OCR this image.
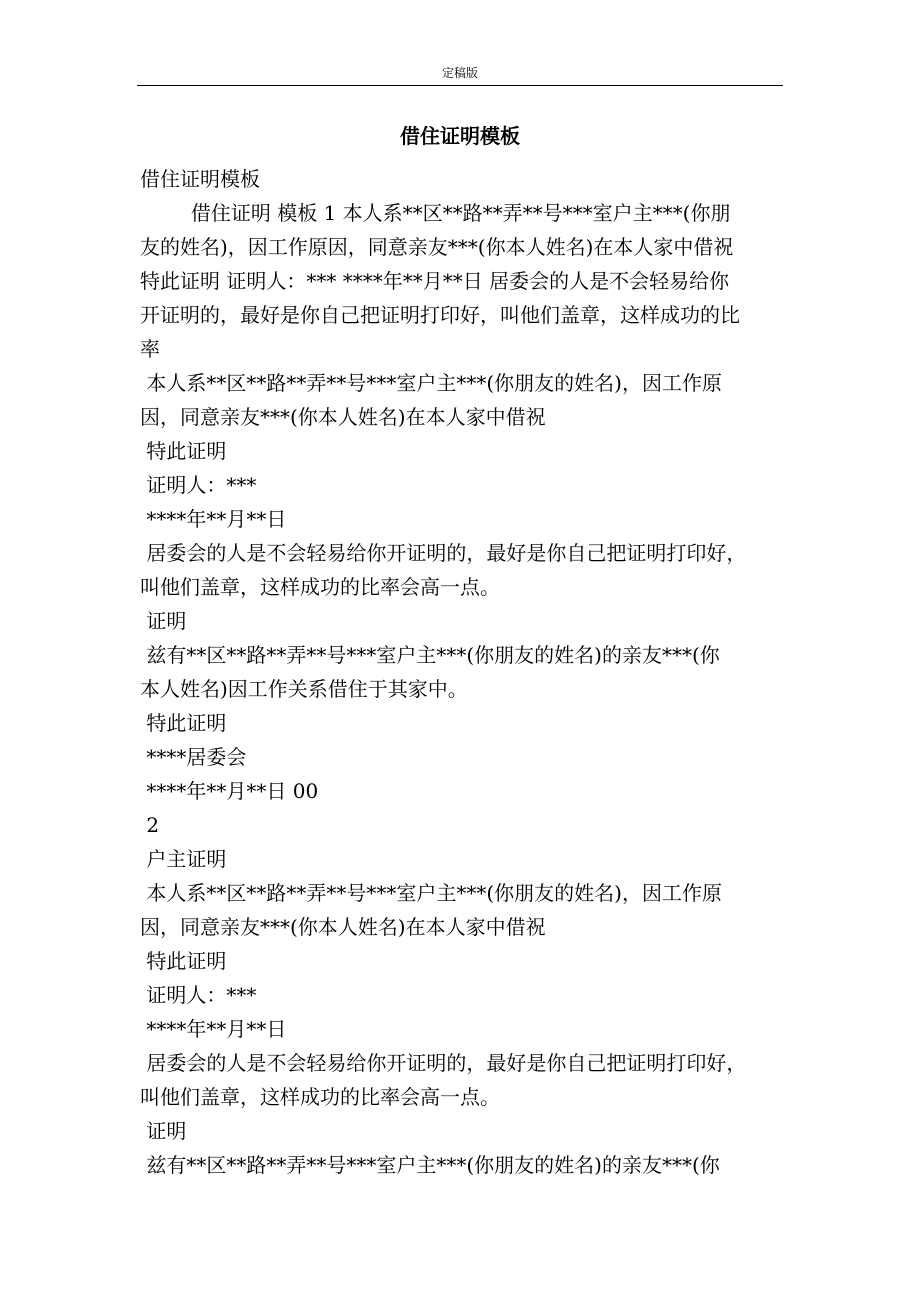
定稿版
借住证明模板
借住证明模板
借住证明 模板 1 本人系**区**路**弄**号***室户主***(你朋
友的姓名)，因工作原因，同意亲友***(你本人姓名)在本人家中借祝
特此证明 证明人：*** ****年**月**日 居委会的人是不会轻易给你
开证明的，最好是你自己把证明打印好，叫他们盖章，这样成功的比
率
本人系**区**路**弄**号***室户主***(你朋友的姓名)，因工作原
因，同意亲友***(你本人姓名)在本人家中借祝
特此证明
证明人：***
****年**月**日
居委会的人是不会轻易给你开证明的，最好是你自己把证明打印好，
叫他们盖章，这样成功的比率会高一点。
证明
兹有**区**路**弄**号***室户主***(你朋友的姓名)的亲友***(你
本人姓名)因工作关系借住于其家中。
特此证明
****居委会
****年**月**日 00
2
户主证明
本人系**区**路**弄**号***室户主***(你朋友的姓名)，因工作原
因，同意亲友***(你本人姓名)在本人家中借祝
特此证明
证明人：***
****年**月**日
居委会的人是不会轻易给你开证明的，最好是你自己把证明打印好，
叫他们盖章，这样成功的比率会高一点。
证明
兹有**区**路**弄**号***室户主***(你朋友的姓名)的亲友***(你
